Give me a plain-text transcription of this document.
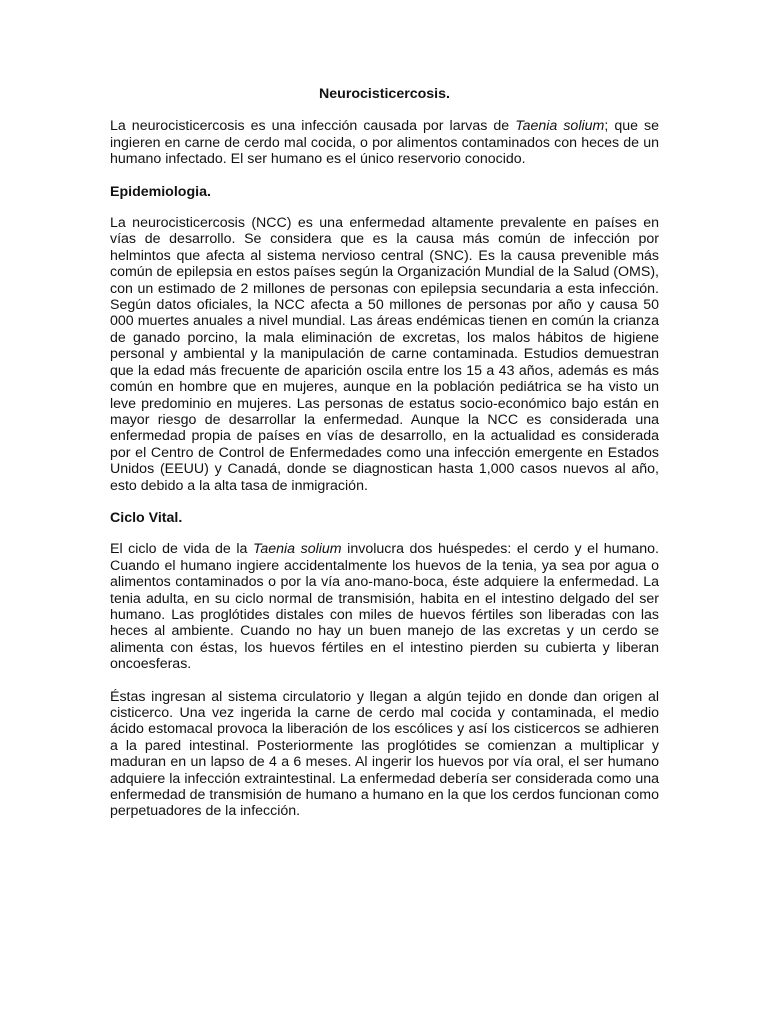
Neurocisticercosis.

La neurocisticercosis es una infección causada por larvas de Taenia solium; que se ingieren en carne de cerdo mal cocida, o por alimentos contaminados con heces de un humano infectado. El ser humano es el único reservorio conocido.

Epidemiologia.

La neurocisticercosis (NCC) es una enfermedad altamente prevalente en países en vías de desarrollo. Se considera que es la causa más común de infección por helmintos que afecta al sistema nervioso central (SNC). Es la causa prevenible más común de epilepsia en estos países según la Organización Mundial de la Salud (OMS), con un estimado de 2 millones de personas con epilepsia secundaria a esta infección. Según datos oficiales, la NCC afecta a 50 millones de personas por año y causa 50 000 muertes anuales a nivel mundial. Las áreas endémicas tienen en común la crianza de ganado porcino, la mala eliminación de excretas, los malos hábitos de higiene personal y ambiental y la manipulación de carne contaminada. Estudios demuestran que la edad más frecuente de aparición oscila entre los 15 a 43 años, además es más común en hombre que en mujeres, aunque en la población pediátrica se ha visto un leve predominio en mujeres. Las personas de estatus socio-económico bajo están en mayor riesgo de desarrollar la enfermedad. Aunque la NCC es considerada una enfermedad propia de países en vías de desarrollo, en la actualidad es considerada por el Centro de Control de Enfermedades como una infección emergente en Estados Unidos (EEUU) y Canadá, donde se diagnostican hasta 1,000 casos nuevos al año, esto debido a la alta tasa de inmigración.

Ciclo Vital.

El ciclo de vida de la Taenia solium involucra dos huéspedes: el cerdo y el humano. Cuando el humano ingiere accidentalmente los huevos de la tenia, ya sea por agua o alimentos contaminados o por la vía ano-mano-boca, éste adquiere la enfermedad. La tenia adulta, en su ciclo normal de transmisión, habita en el intestino delgado del ser humano. Las proglótides distales con miles de huevos fértiles son liberadas con las heces al ambiente. Cuando no hay un buen manejo de las excretas y un cerdo se alimenta con éstas, los huevos fértiles en el intestino pierden su cubierta y liberan oncoesferas.

Éstas ingresan al sistema circulatorio y llegan a algún tejido en donde dan origen al cisticerco. Una vez ingerida la carne de cerdo mal cocida y contaminada, el medio ácido estomacal provoca la liberación de los escólices y así los cisticercos se adhieren a la pared intestinal. Posteriormente las proglótides se comienzan a multiplicar y maduran en un lapso de 4 a 6 meses. Al ingerir los huevos por vía oral, el ser humano adquiere la infección extraintestinal. La enfermedad debería ser considerada como una enfermedad de transmisión de humano a humano en la que los cerdos funcionan como perpetuadores de la infección.
